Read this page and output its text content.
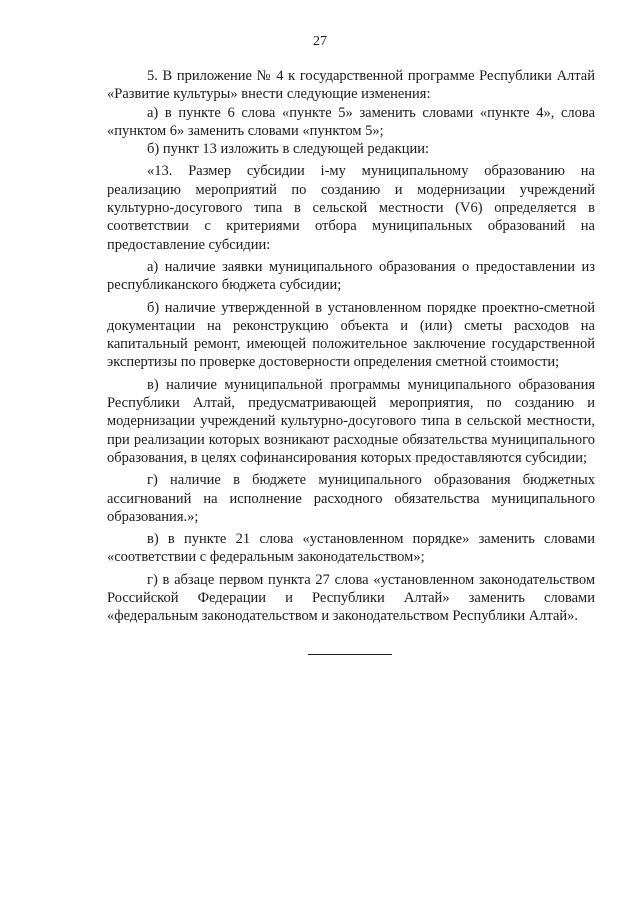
27

5. В приложение № 4 к государственной программе Республики Алтай «Развитие культуры» внести следующие изменения:

а) в пункте 6 слова «пункте 5» заменить словами «пункте 4», слова «пунктом 6» заменить словами «пунктом 5»;

б) пункт 13 изложить в следующей редакции:

«13. Размер субсидии i-му муниципальному образованию на реализацию мероприятий по созданию и модернизации учреждений культурно-досугового типа в сельской местности (V6) определяется в соответствии с критериями отбора муниципальных образований на предоставление субсидии:

а) наличие заявки муниципального образования о предоставлении из республиканского бюджета субсидии;

б) наличие утвержденной в установленном порядке проектно-сметной документации на реконструкцию объекта и (или) сметы расходов на капитальный ремонт, имеющей положительное заключение государственной экспертизы по проверке достоверности определения сметной стоимости;

в) наличие муниципальной программы муниципального образования Республики Алтай, предусматривающей мероприятия, по созданию и модернизации учреждений культурно-досугового типа в сельской местности, при реализации которых возникают расходные обязательства муниципального образования, в целях софинансирования которых предоставляются субсидии;

г) наличие в бюджете муниципального образования бюджетных ассигнований на исполнение расходного обязательства муниципального образования.»;

в) в пункте 21 слова «установленном порядке» заменить словами «соответствии с федеральным законодательством»;

г) в абзаце первом пункта 27 слова «установленном законодательством Российской Федерации и Республики Алтай» заменить словами «федеральным законодательством и законодательством Республики Алтай».
